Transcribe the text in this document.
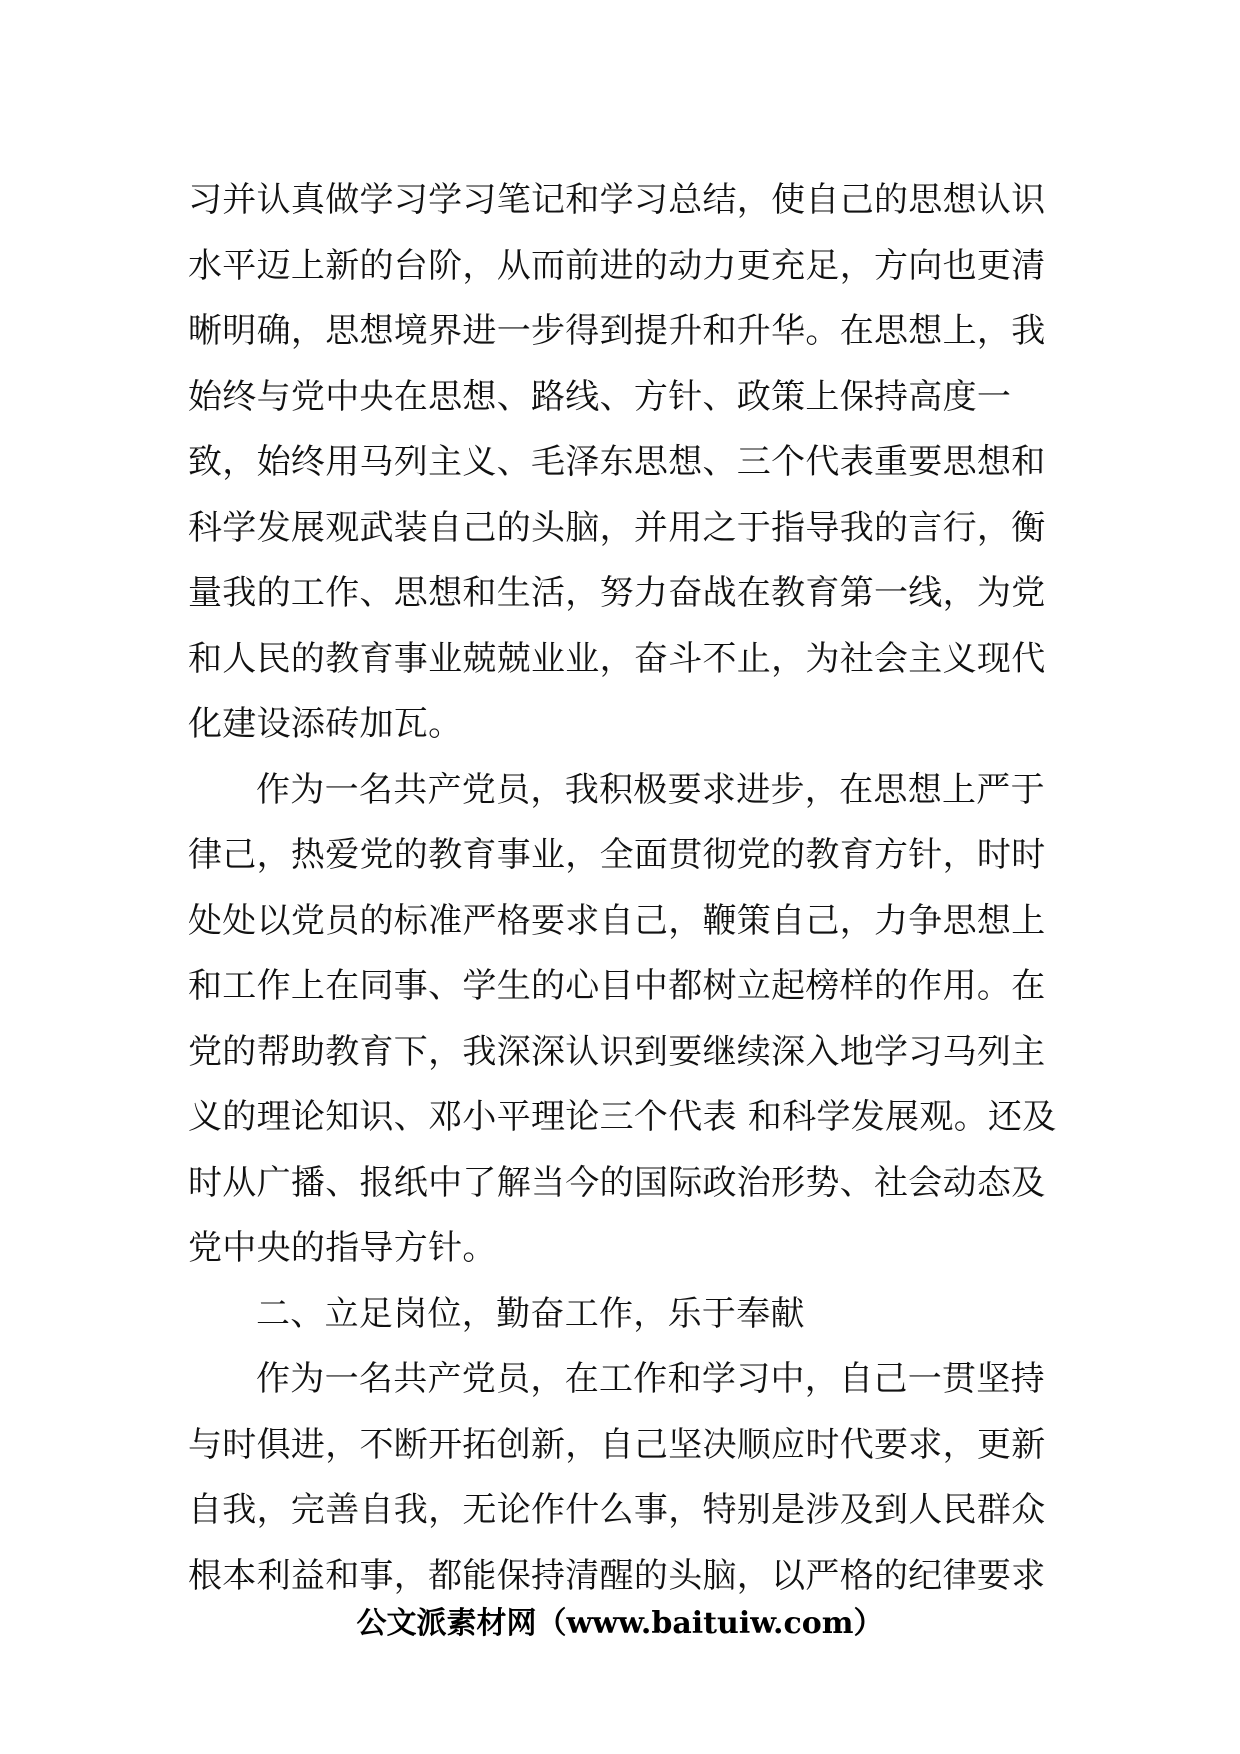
习并认真做学习学习笔记和学习总结，使自己的思想认识
水平迈上新的台阶，从而前进的动力更充足，方向也更清
晰明确，思想境界进一步得到提升和升华。在思想上，我
始终与党中央在思想、路线、方针、政策上保持高度一
致，始终用马列主义、毛泽东思想、三个代表重要思想和
科学发展观武装自己的头脑，并用之于指导我的言行，衡
量我的工作、思想和生活，努力奋战在教育第一线，为党
和人民的教育事业兢兢业业，奋斗不止，为社会主义现代
化建设添砖加瓦。
作为一名共产党员，我积极要求进步，在思想上严于
律己，热爱党的教育事业，全面贯彻党的教育方针，时时
处处以党员的标准严格要求自己，鞭策自己，力争思想上
和工作上在同事、学生的心目中都树立起榜样的作用。在
党的帮助教育下，我深深认识到要继续深入地学习马列主
义的理论知识、邓小平理论三个代表 和科学发展观。还及
时从广播、报纸中了解当今的国际政治形势、社会动态及
党中央的指导方针。
二、立足岗位，勤奋工作，乐于奉献
作为一名共产党员，在工作和学习中，自己一贯坚持
与时俱进，不断开拓创新，自己坚决顺应时代要求，更新
自我，完善自我，无论作什么事，特别是涉及到人民群众
根本利益和事，都能保持清醒的头脑，以严格的纪律要求
公文派素材网（www.baituiw.com）
